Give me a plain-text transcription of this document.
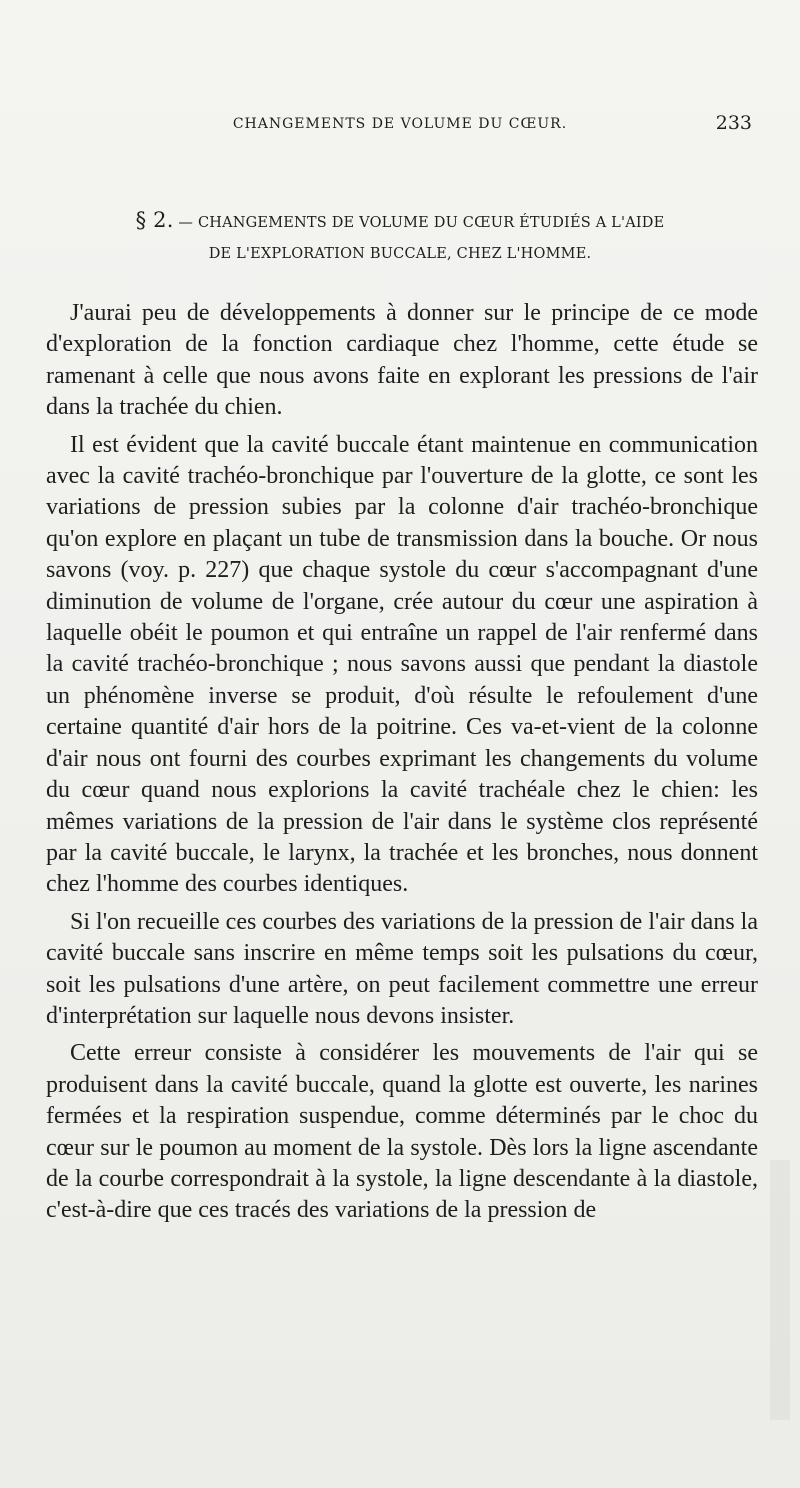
CHANGEMENTS DE VOLUME DU CŒUR.	233
§ 2. — CHANGEMENTS DE VOLUME DU CŒUR ÉTUDIÉS A L'AIDE
DE L'EXPLORATION BUCCALE, CHEZ L'HOMME.

J'aurai peu de développements à donner sur le principe de ce mode d'exploration de la fonction cardiaque chez l'homme, cette étude se ramenant à celle que nous avons faite en explorant les pressions de l'air dans la trachée du chien.

Il est évident que la cavité buccale étant maintenue en communication avec la cavité trachéo-bronchique par l'ouverture de la glotte, ce sont les variations de pression subies par la colonne d'air trachéo-bronchique qu'on explore en plaçant un tube de transmission dans la bouche. Or nous savons (voy. p. 227) que chaque systole du cœur s'accompagnant d'une diminution de volume de l'organe, crée autour du cœur une aspiration à laquelle obéit le poumon et qui entraîne un rappel de l'air renfermé dans la cavité trachéo-bronchique ; nous savons aussi que pendant la diastole un phénomène inverse se produit, d'où résulte le refoulement d'une certaine quantité d'air hors de la poitrine. Ces va-et-vient de la colonne d'air nous ont fourni des courbes exprimant les changements du volume du cœur quand nous explorions la cavité trachéale chez le chien: les mêmes variations de la pression de l'air dans le système clos représenté par la cavité buccale, le larynx, la trachée et les bronches, nous donnent chez l'homme des courbes identiques.

Si l'on recueille ces courbes des variations de la pression de l'air dans la cavité buccale sans inscrire en même temps soit les pulsations du cœur, soit les pulsations d'une artère, on peut facilement commettre une erreur d'interprétation sur laquelle nous devons insister.

Cette erreur consiste à considérer les mouvements de l'air qui se produisent dans la cavité buccale, quand la glotte est ouverte, les narines fermées et la respiration suspendue, comme déterminés par le choc du cœur sur le poumon au moment de la systole. Dès lors la ligne ascendante de la courbe correspondrait à la systole, la ligne descendante à la diastole, c'est-à-dire que ces tracés des variations de la pression de
